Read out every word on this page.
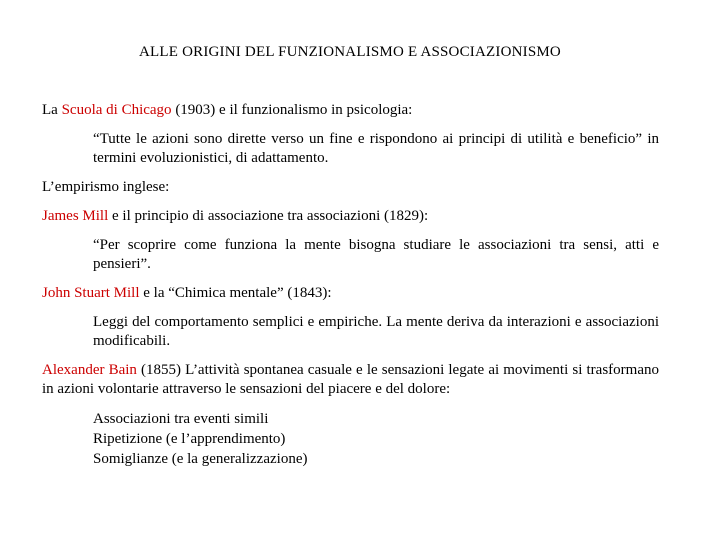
ALLE ORIGINI DEL FUNZIONALISMO E ASSOCIAZIONISMO

La Scuola di Chicago (1903) e il funzionalismo in psicologia:

“Tutte le azioni sono dirette verso un fine e rispondono ai principi di utilità e beneficio” in termini evoluzionistici, di adattamento.

L’empirismo inglese:

James Mill e il principio di associazione tra associazioni (1829):

“Per scoprire come funziona la mente bisogna studiare le associazioni tra sensi, atti e pensieri”.

John Stuart Mill e la “Chimica mentale” (1843):

Leggi del comportamento semplici e empiriche. La mente deriva da interazioni e associazioni modificabili.

Alexander Bain (1855) L’attività spontanea casuale e le sensazioni legate ai movimenti si trasformano in azioni volontarie attraverso le sensazioni del piacere e del dolore:

Associazioni tra eventi simili
Ripetizione (e l’apprendimento)
Somiglianze (e la generalizzazione)
